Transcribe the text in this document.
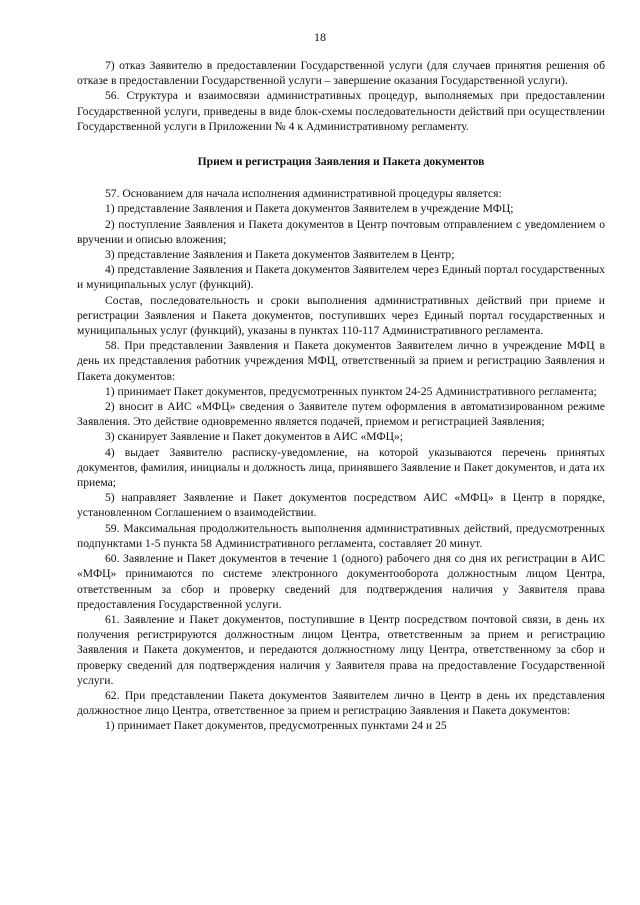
18

7) отказ Заявителю в предоставлении Государственной услуги (для случаев принятия решения об отказе в предоставлении Государственной услуги – завершение оказания Государственной услуги).

56. Структура и взаимосвязи административных процедур, выполняемых при предоставлении Государственной услуги, приведены в виде блок-схемы последовательности действий при осуществлении Государственной услуги в Приложении № 4 к Административному регламенту.

Прием и регистрация Заявления и Пакета документов

57. Основанием для начала исполнения административной процедуры является:

1) представление Заявления и Пакета документов Заявителем в учреждение МФЦ;

2) поступление Заявления и Пакета документов в Центр почтовым отправлением с уведомлением о вручении и описью вложения;

3) представление Заявления и Пакета документов Заявителем в Центр;

4) представление Заявления и Пакета документов Заявителем через Единый портал государственных и муниципальных услуг (функций).

Состав, последовательность и сроки выполнения административных действий при приеме и регистрации Заявления и Пакета документов, поступивших через Единый портал государственных и муниципальных услуг (функций), указаны в пунктах 110-117 Административного регламента.

58. При представлении Заявления и Пакета документов Заявителем лично в учреждение МФЦ в день их представления работник учреждения МФЦ, ответственный за прием и регистрацию Заявления и Пакета документов:

1) принимает Пакет документов, предусмотренных пунктом 24-25 Административного регламента;

2) вносит в АИС «МФЦ» сведения о Заявителе путем оформления в автоматизированном режиме Заявления. Это действие одновременно является подачей, приемом и регистрацией Заявления;

3) сканирует Заявление и Пакет документов в АИС «МФЦ»;

4) выдает Заявителю расписку-уведомление, на которой указываются перечень принятых документов, фамилия, инициалы и должность лица, принявшего Заявление и Пакет документов, и дата их приема;

5) направляет Заявление и Пакет документов посредством АИС «МФЦ» в Центр в порядке, установленном Соглашением о взаимодействии.

59. Максимальная продолжительность выполнения административных действий, предусмотренных подпунктами 1-5 пункта 58 Административного регламента, составляет 20 минут.

60. Заявление и Пакет документов в течение 1 (одного) рабочего дня со дня их регистрации в АИС «МФЦ» принимаются по системе электронного документооборота должностным лицом Центра, ответственным за сбор и проверку сведений для подтверждения наличия у Заявителя права предоставления Государственной услуги.

61. Заявление и Пакет документов, поступившие в Центр посредством почтовой связи, в день их получения регистрируются должностным лицом Центра, ответственным за прием и регистрацию Заявления и Пакета документов, и передаются должностному лицу Центра, ответственному за сбор и проверку сведений для подтверждения наличия у Заявителя права на предоставление Государственной услуги.

62. При представлении Пакета документов Заявителем лично в Центр в день их представления должностное лицо Центра, ответственное за прием и регистрацию Заявления и Пакета документов:

1) принимает Пакет документов, предусмотренных пунктами 24 и 25
